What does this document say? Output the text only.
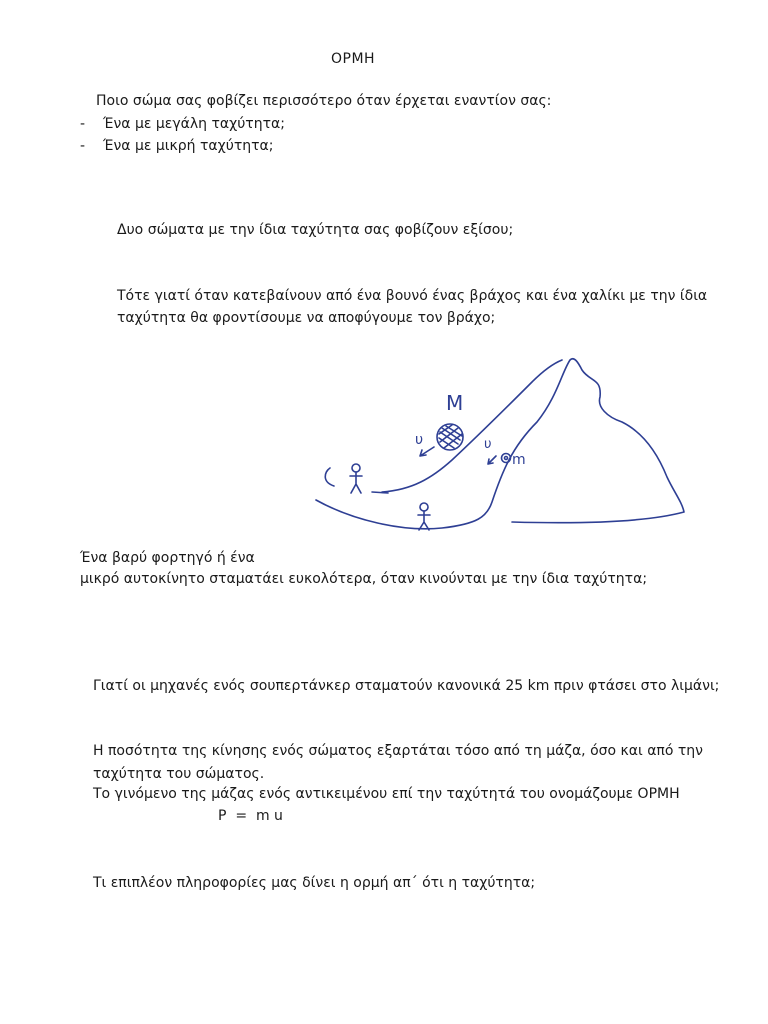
ΟΡΜΗ
Ποιο σώμα σας φοβίζει περισσότερο όταν έρχεται εναντίον σας:
- Ένα με μεγάλη ταχύτητα;
- Ένα με μικρή ταχύτητα;
Δυο σώματα με την ίδια ταχύτητα σας φοβίζουν εξίσου;
Τότε γιατί όταν κατεβαίνουν από ένα βουνό ένας βράχος και ένα χαλίκι με την ίδια
ταχύτητα θα φροντίσουμε να αποφύγουμε τον βράχο;
M
υ
m
υ
Ένα βαρύ φορτηγό ή ένα
μικρό αυτοκίνητο σταματάει ευκολότερα, όταν κινούνται με την ίδια ταχύτητα;
Γιατί οι μηχανές ενός σουπερτάνκερ σταματούν κανονικά 25 km πριν φτάσει στο λιμάνι;
Η ποσότητα της κίνησης ενός σώματος εξαρτάται τόσο από τη μάζα, όσο και από την
ταχύτητα του σώματος.
Το γινόμενο της μάζας ενός αντικειμένου επί την ταχύτητά του ονομάζουμε ΟΡΜΗ
P  =  m u
Τι επιπλέον πληροφορίες μας δίνει η ορμή απ΄ ότι η ταχύτητα;
